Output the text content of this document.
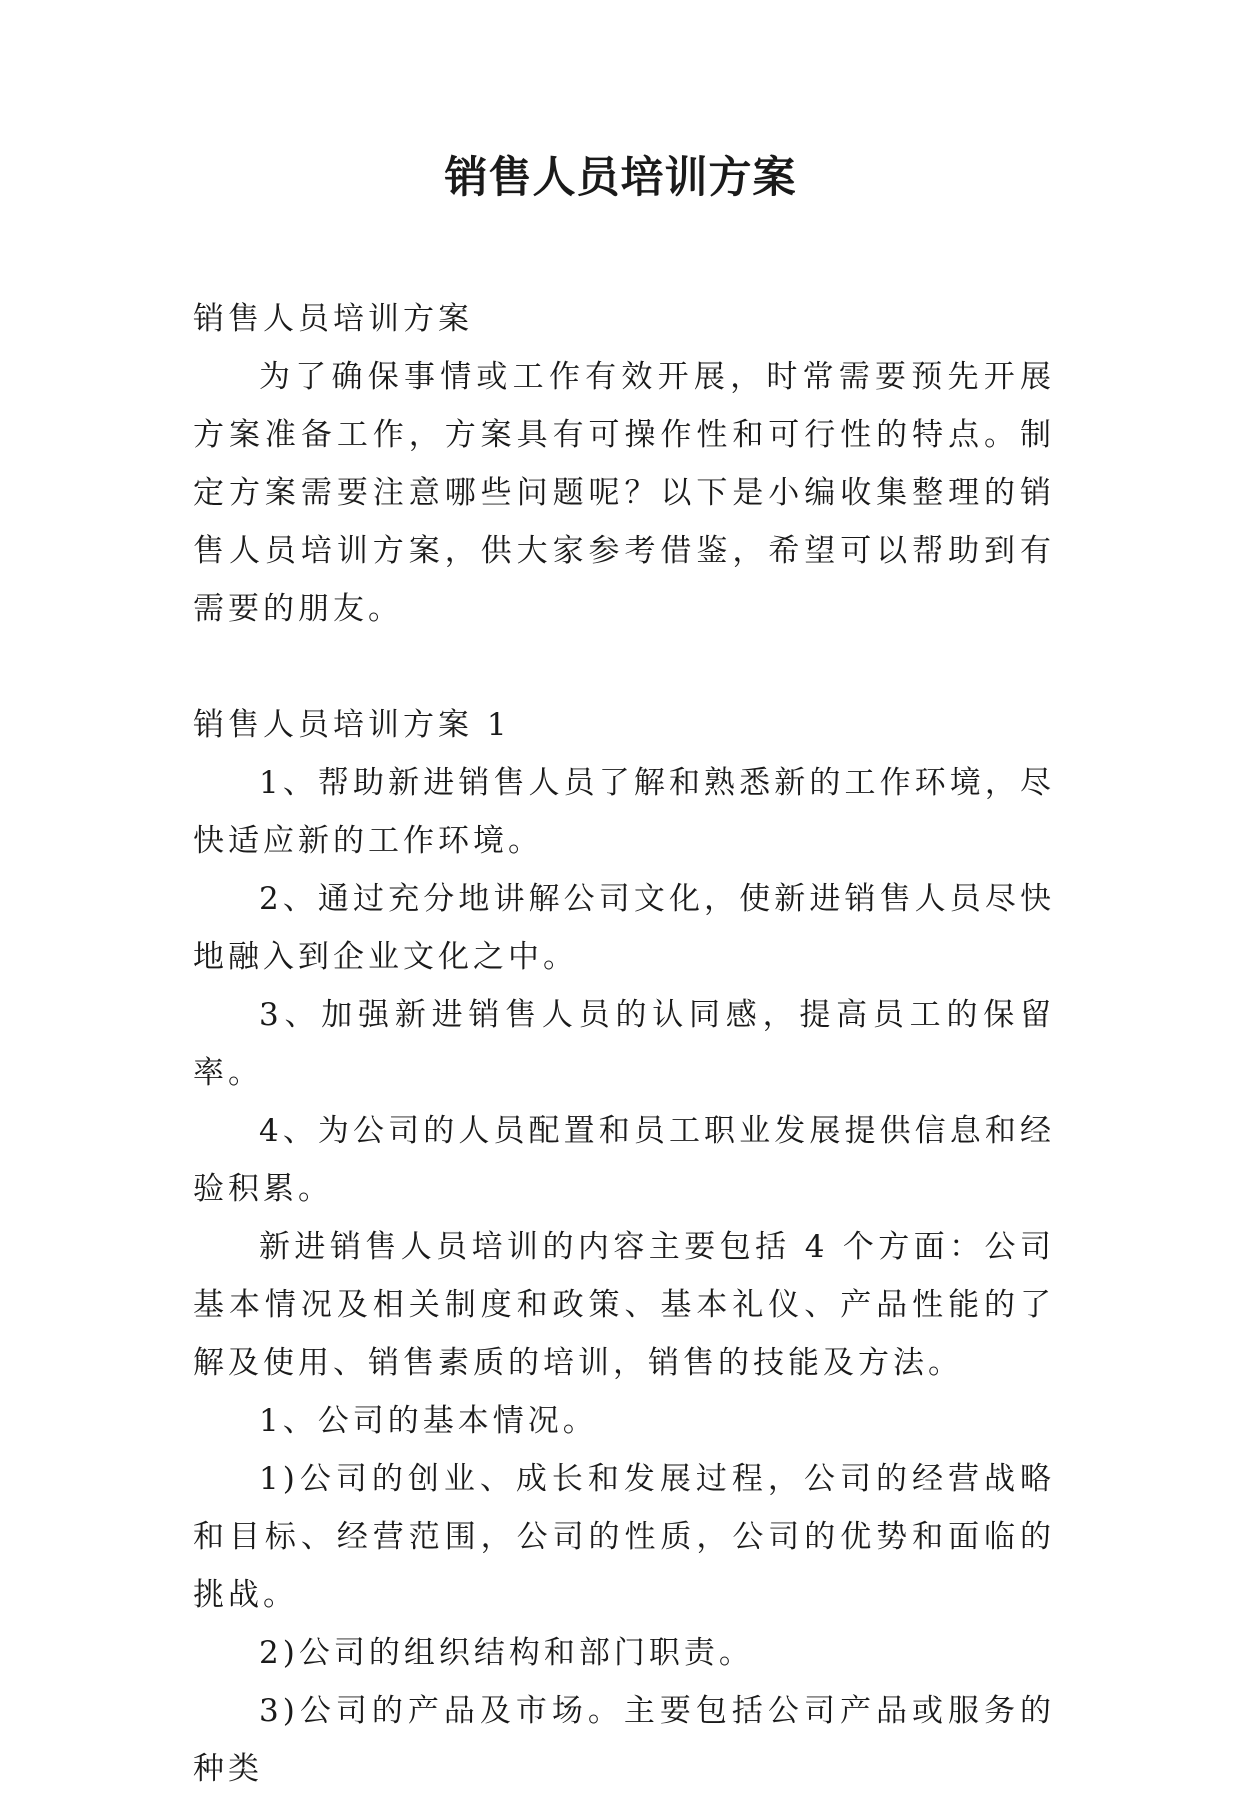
销售人员培训方案

销售人员培训方案

为了确保事情或工作有效开展，时常需要预先开展方案准备工作，方案具有可操作性和可行性的特点。制定方案需要注意哪些问题呢？以下是小编收集整理的销售人员培训方案，供大家参考借鉴，希望可以帮助到有需要的朋友。

销售人员培训方案 1

1、帮助新进销售人员了解和熟悉新的工作环境，尽快适应新的工作环境。

2、通过充分地讲解公司文化，使新进销售人员尽快地融入到企业文化之中。

3、加强新进销售人员的认同感，提高员工的保留率。

4、为公司的人员配置和员工职业发展提供信息和经验积累。

新进销售人员培训的内容主要包括 4 个方面：公司基本情况及相关制度和政策、基本礼仪、产品性能的了解及使用、销售素质的培训，销售的技能及方法。

1、公司的基本情况。

1)公司的创业、成长和发展过程，公司的经营战略和目标、经营范围，公司的性质，公司的优势和面临的挑战。

2)公司的组织结构和部门职责。

3)公司的产品及市场。主要包括公司产品或服务的种类
